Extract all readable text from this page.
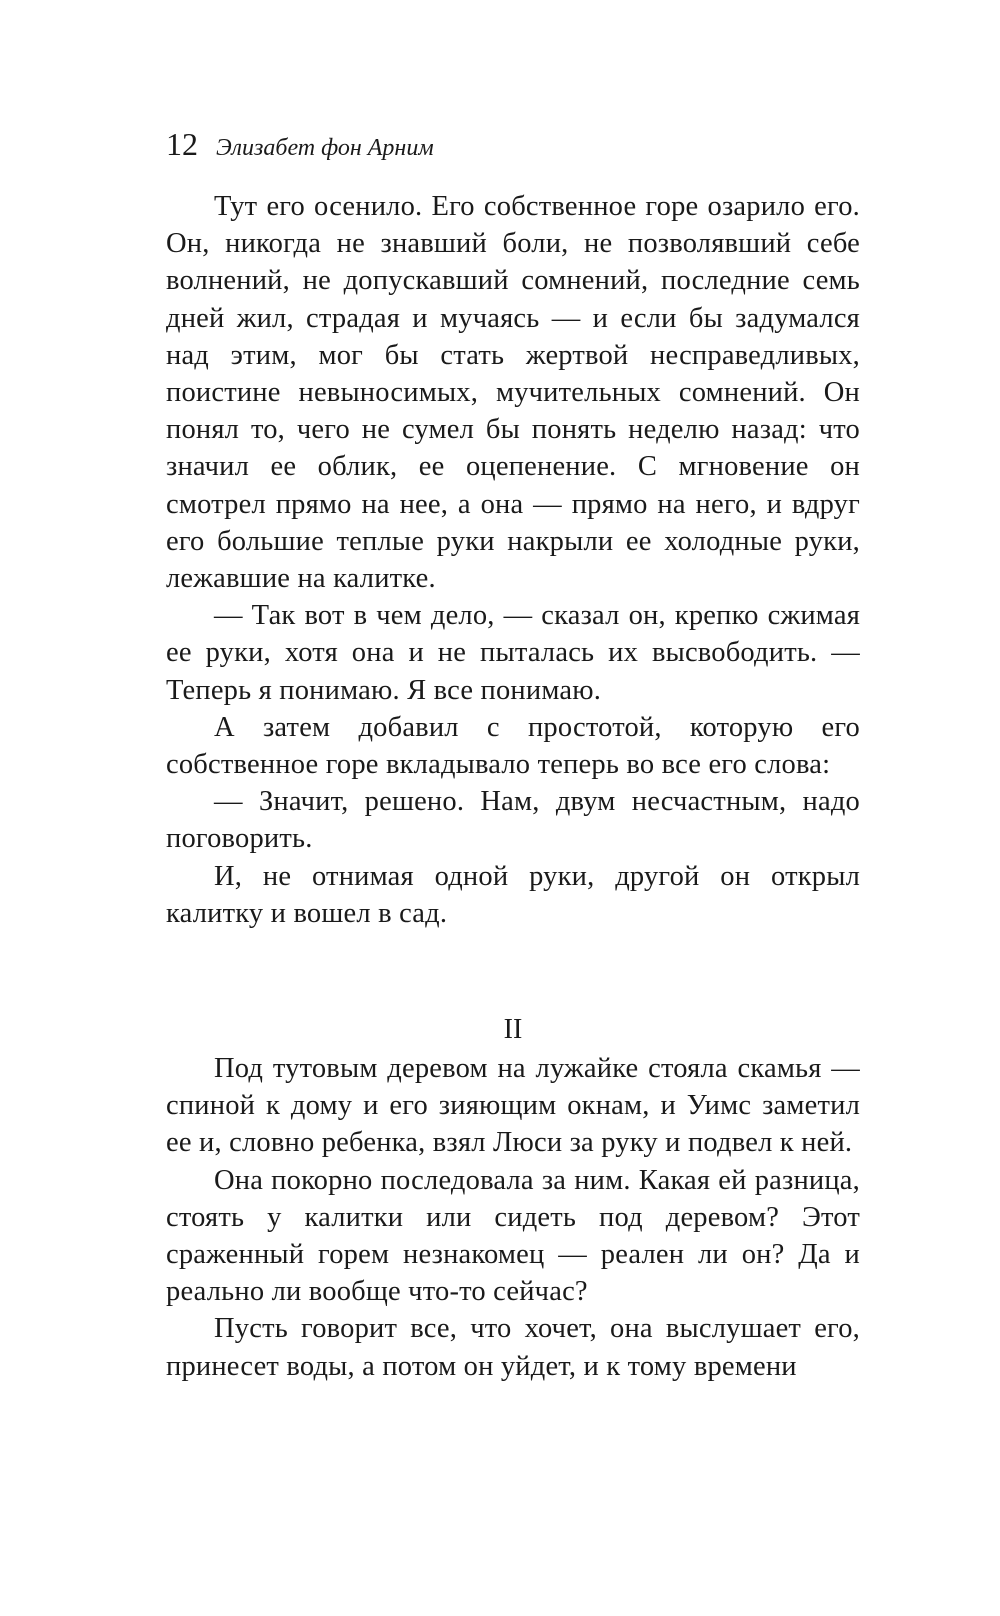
12 Элизабет фон Арним

Тут его осенило. Его собственное горе озарило его. Он, никогда не знавший боли, не позволявший себе волнений, не допускавший сомнений, последние семь дней жил, страдая и мучаясь — и если бы задумался над этим, мог бы стать жертвой несправедливых, поистине невыносимых, мучительных сомнений. Он понял то, чего не сумел бы понять неделю назад: что значил ее облик, ее оцепенение. С мгновение он смотрел прямо на нее, а она — прямо на него, и вдруг его большие теплые руки накрыли ее холодные руки, лежавшие на калитке.

— Так вот в чем дело, — сказал он, крепко сжимая ее руки, хотя она и не пыталась их высвободить. — Теперь я понимаю. Я все понимаю.

А затем добавил с простотой, которую его собственное горе вкладывало теперь во все его слова:

— Значит, решено. Нам, двум несчастным, надо поговорить.

И, не отнимая одной руки, другой он открыл калитку и вошел в сад.

II

Под тутовым деревом на лужайке стояла скамья — спиной к дому и его зияющим окнам, и Уимс заметил ее и, словно ребенка, взял Люси за руку и подвел к ней.

Она покорно последовала за ним. Какая ей разница, стоять у калитки или сидеть под деревом? Этот сраженный горем незнакомец — реален ли он? Да и реально ли вообще что-то сейчас?

Пусть говорит все, что хочет, она выслушает его, принесет воды, а потом он уйдет, и к тому времени
